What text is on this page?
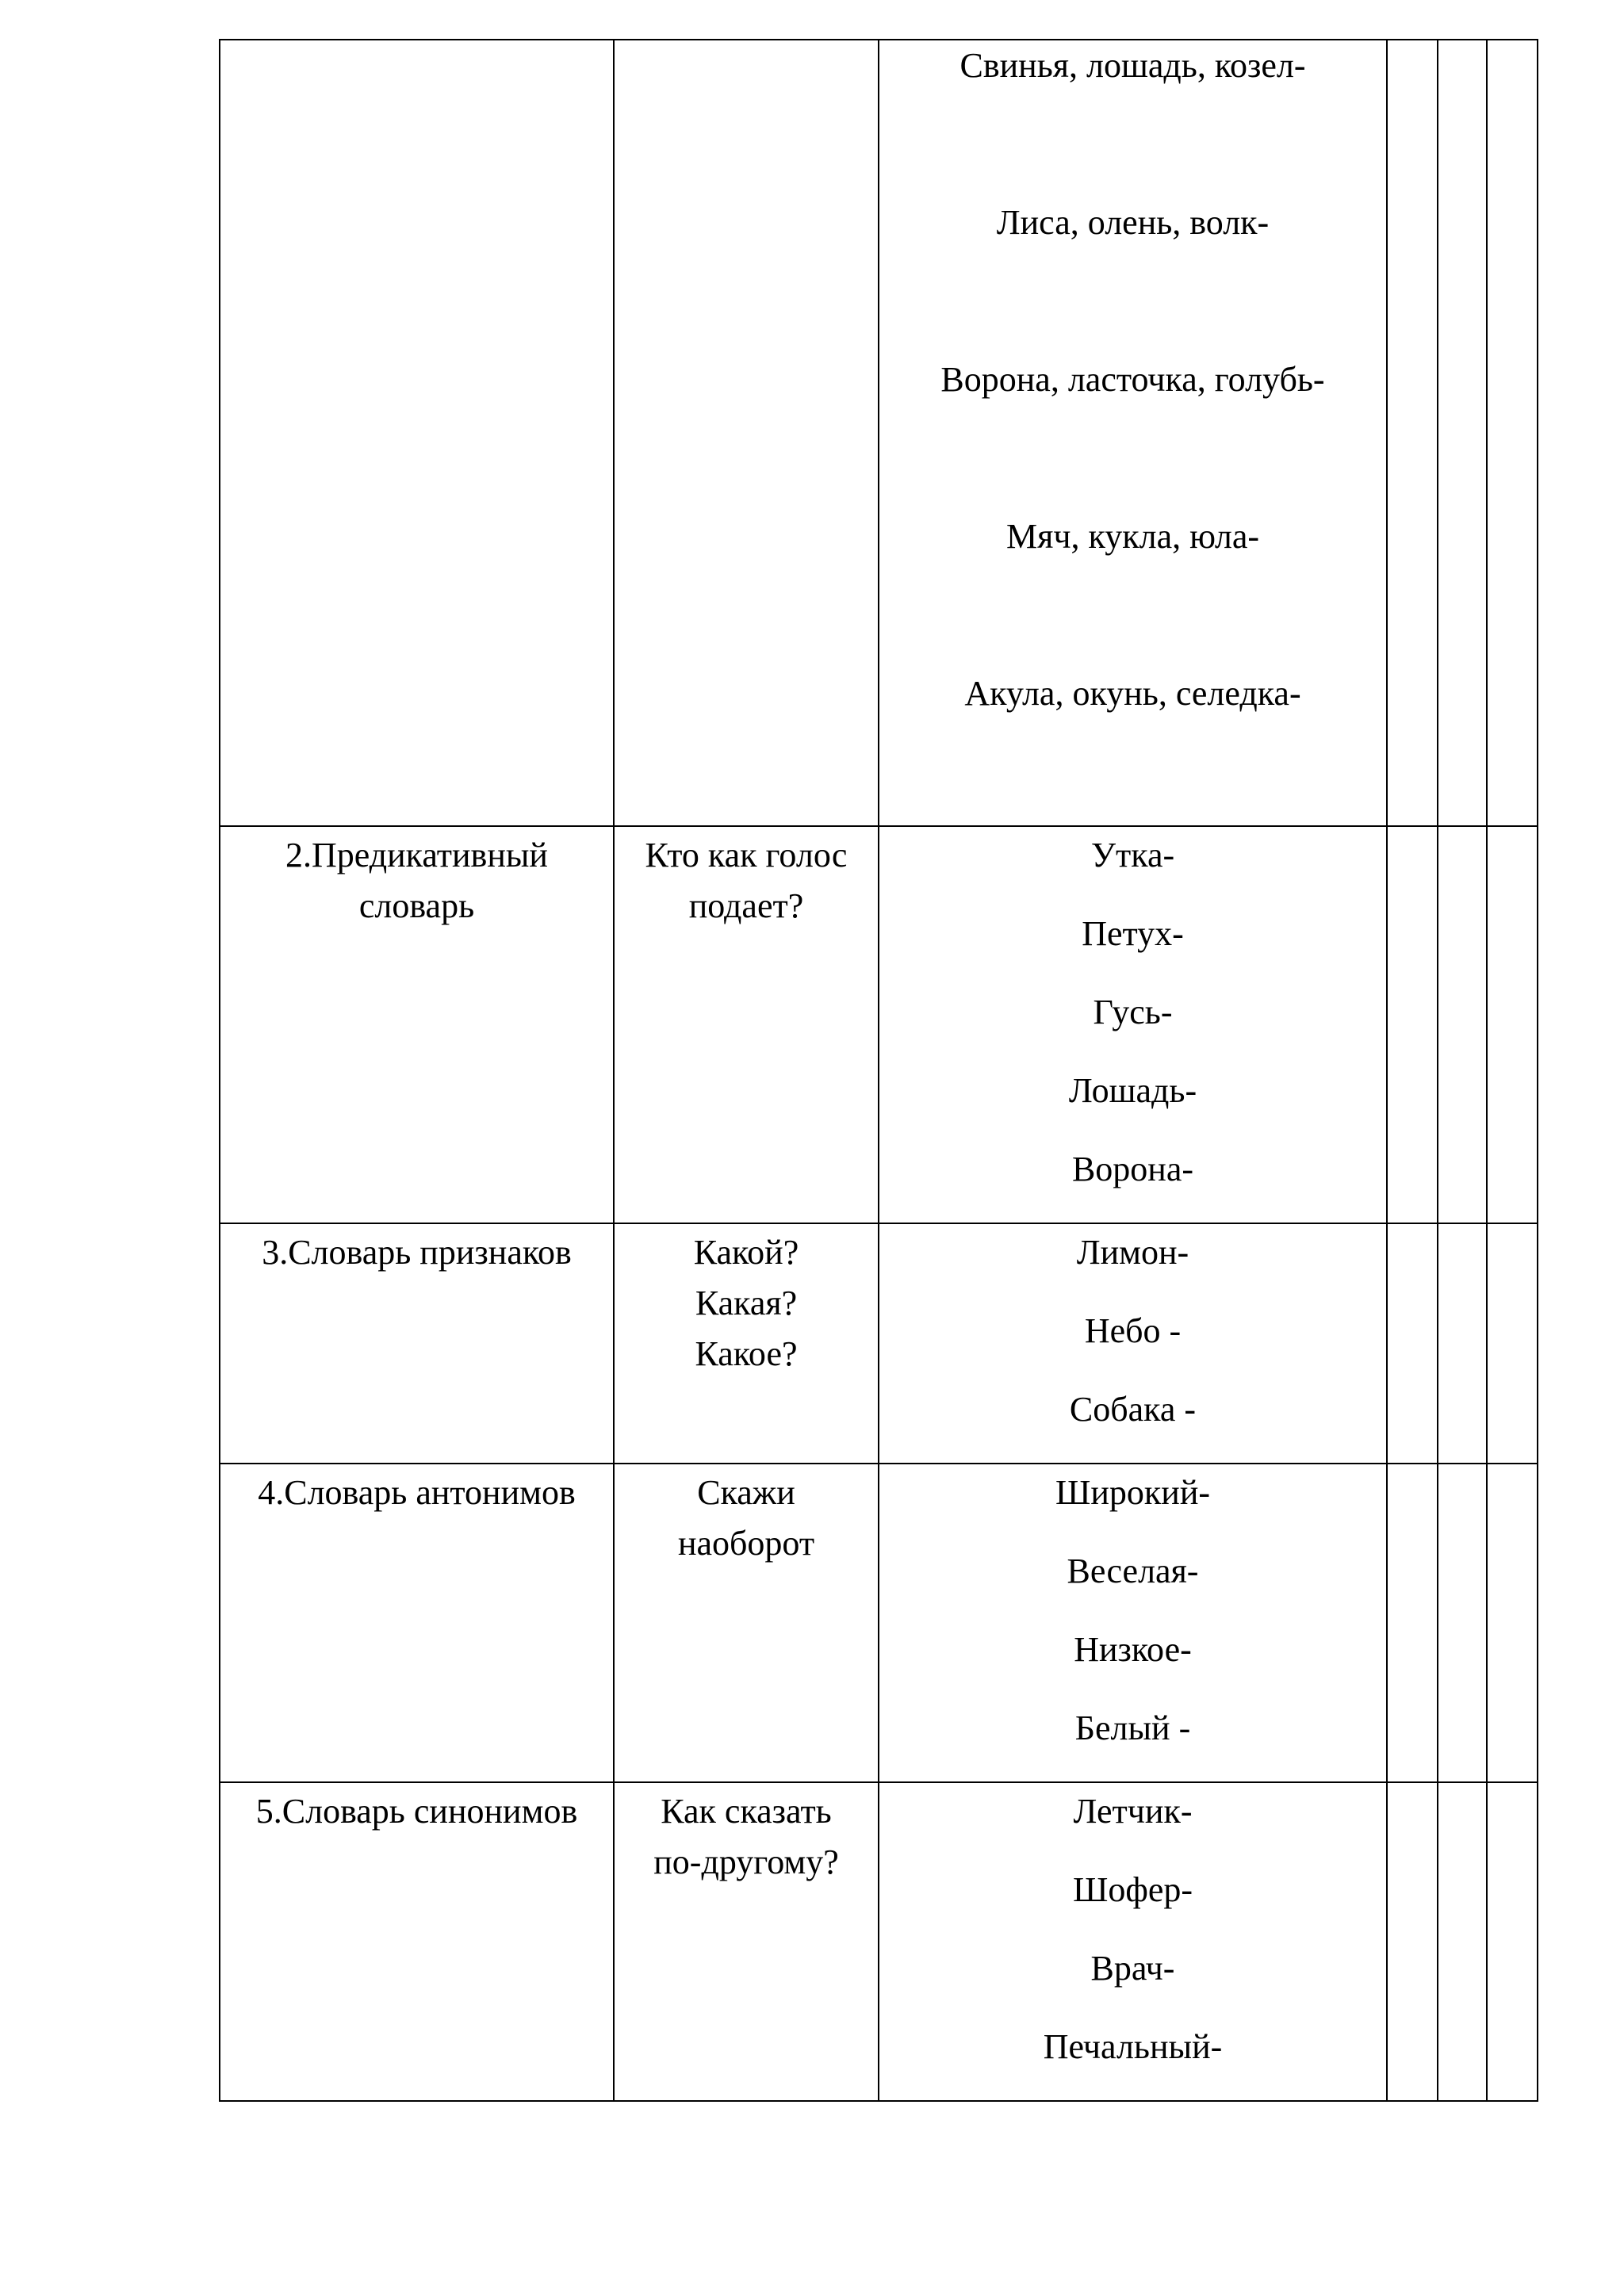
		Свинья, лошадь, козел-
Лиса, олень, волк-
Ворона, ласточка, голубь-
Мяч, кукла, юла-
Акула, окунь, селедка-			

2.Предикативный
словарь	Кто как голос
подает?	Утка-
Петух-
Гусь-
Лошадь-
Ворона-			

3.Словарь признаков	Какой?
Какая?
Какое?	Лимон-
Небо -
Собака -			

4.Словарь антонимов	Скажи
наоборот	Широкий-
Веселая-
Низкое-
Белый -			

5.Словарь синонимов	Как сказать
по-другому?	Летчик-
Шофер-
Врач-
Печальный-			
